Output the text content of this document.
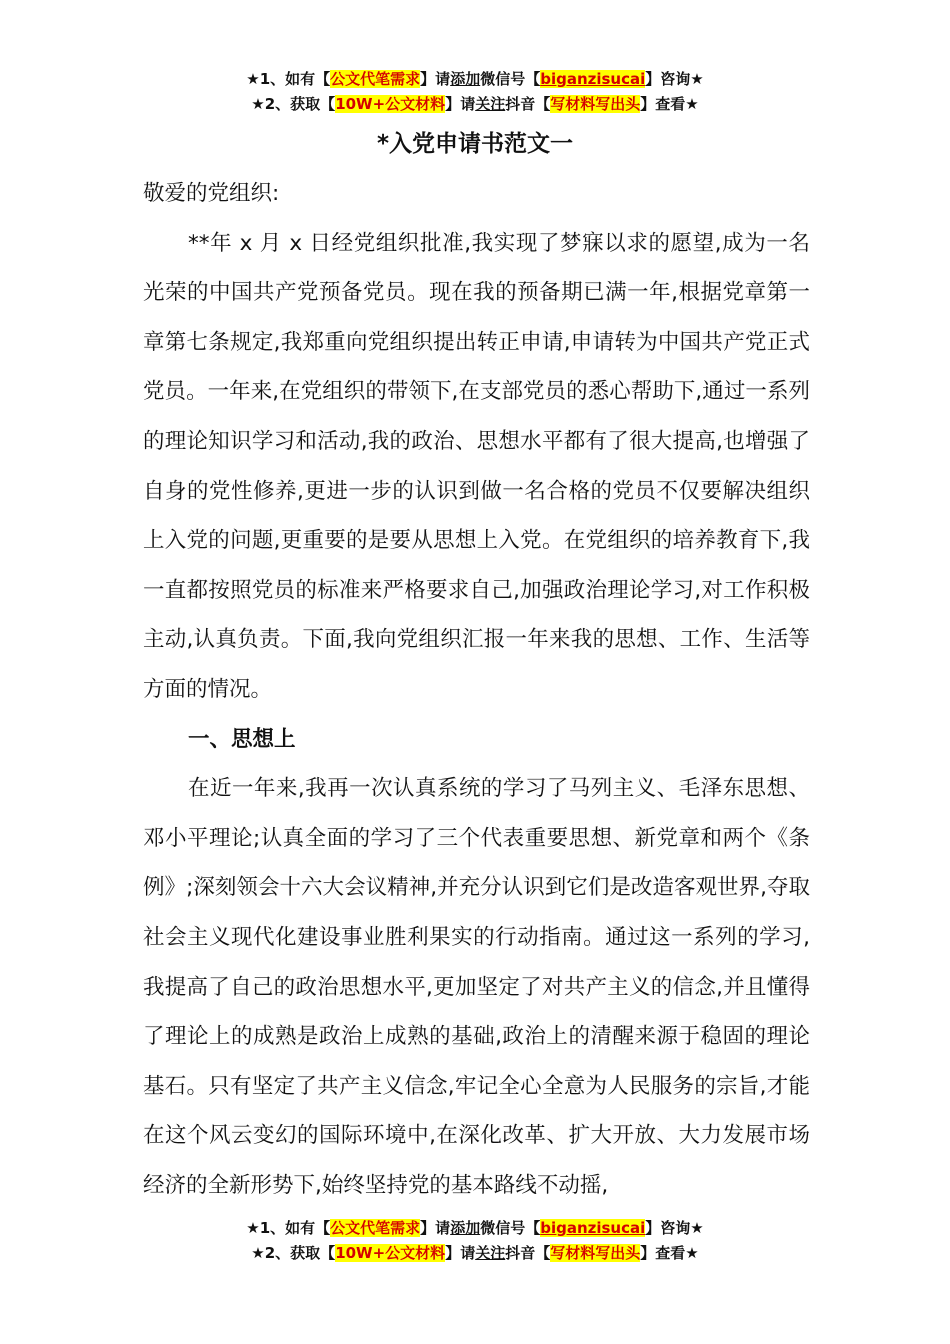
★1、如有【公文代笔需求】请添加微信号【biganzisucai】咨询★
★2、获取【10W+公文材料】请关注抖音【写材料写出头】查看★
*入党申请书范文一

敬爱的党组织:

**年 x 月 x 日经党组织批准,我实现了梦寐以求的愿望,成为一名光荣的中国共产党预备党员。现在我的预备期已满一年,根据党章第一章第七条规定,我郑重向党组织提出转正申请,申请转为中国共产党正式党员。一年来,在党组织的带领下,在支部党员的悉心帮助下,通过一系列的理论知识学习和活动,我的政治、思想水平都有了很大提高,也增强了自身的党性修养,更进一步的认识到做一名合格的党员不仅要解决组织上入党的问题,更重要的是要从思想上入党。在党组织的培养教育下,我一直都按照党员的标准来严格要求自己,加强政治理论学习,对工作积极主动,认真负责。下面,我向党组织汇报一年来我的思想、工作、生活等方面的情况。

一、思想上

在近一年来,我再一次认真系统的学习了马列主义、毛泽东思想、邓小平理论;认真全面的学习了三个代表重要思想、新党章和两个《条例》;深刻领会十六大会议精神,并充分认识到它们是改造客观世界,夺取社会主义现代化建设事业胜利果实的行动指南。通过这一系列的学习,我提高了自己的政治思想水平,更加坚定了对共产主义的信念,并且懂得了理论上的成熟是政治上成熟的基础,政治上的清醒来源于稳固的理论基石。只有坚定了共产主义信念,牢记全心全意为人民服务的宗旨,才能在这个风云变幻的国际环境中,在深化改革、扩大开放、大力发展市场经济的全新形势下,始终坚持党的基本路线不动摇,

★1、如有【公文代笔需求】请添加微信号【biganzisucai】咨询★
★2、获取【10W+公文材料】请关注抖音【写材料写出头】查看★
